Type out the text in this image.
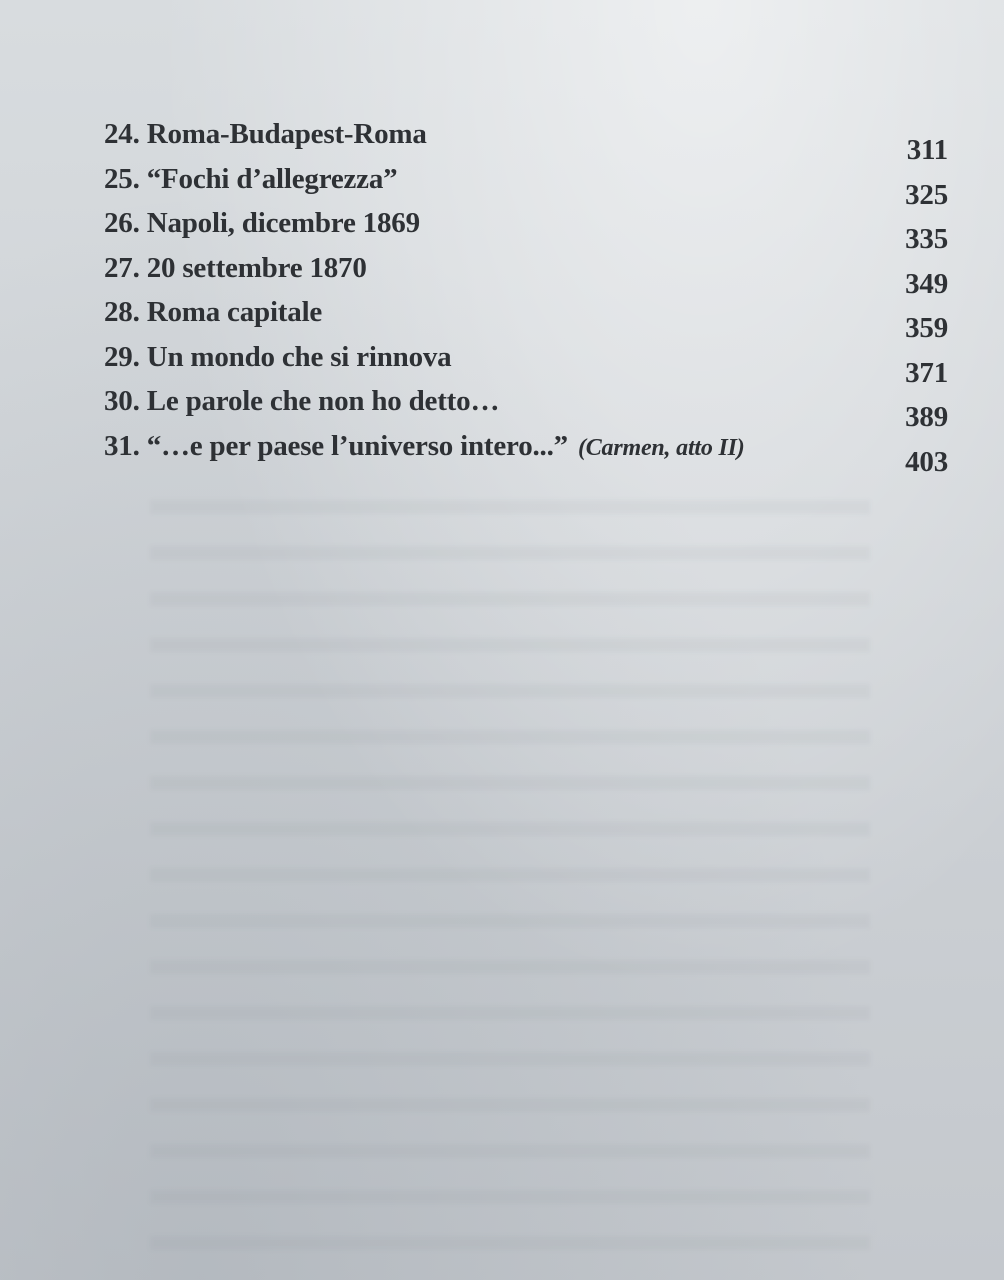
24. Roma-Budapest-Roma	311
25. “Fochi d’allegrezza”	325
26. Napoli, dicembre 1869	335
27. 20 settembre 1870	349
28. Roma capitale	359
29. Un mondo che si rinnova	371
30. Le parole che non ho detto…	389
31. “…e per paese l’universo intero...” (Carmen, atto II)	403
